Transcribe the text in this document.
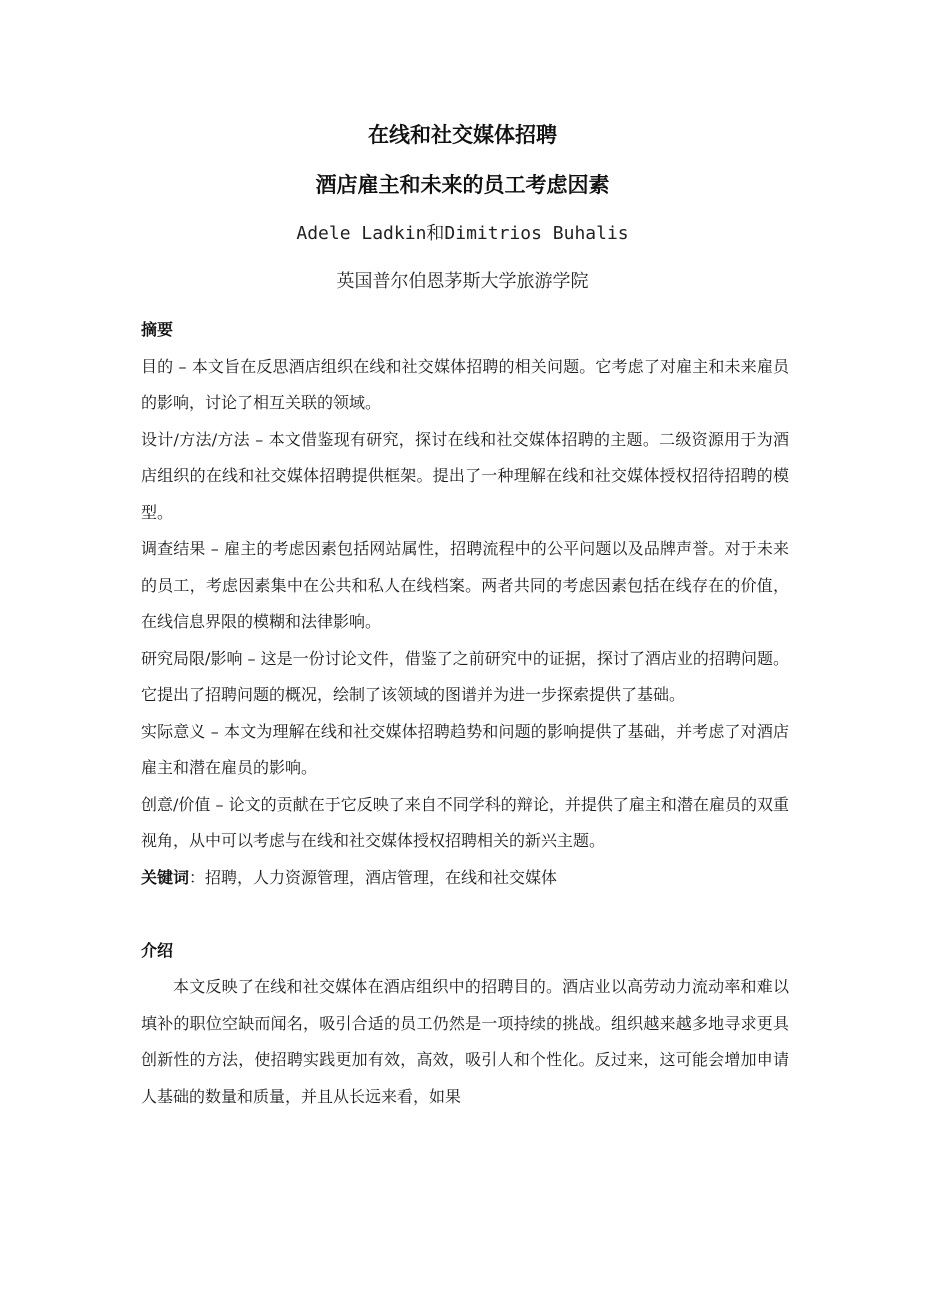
在线和社交媒体招聘
酒店雇主和未来的员工考虑因素
Adele Ladkin和Dimitrios Buhalis
英国普尔伯恩茅斯大学旅游学院
摘要

目的 – 本文旨在反思酒店组织在线和社交媒体招聘的相关问题。它考虑了对雇主和未来雇员的影响，讨论了相互关联的领域。

设计/方法/方法 – 本文借鉴现有研究，探讨在线和社交媒体招聘的主题。二级资源用于为酒店组织的在线和社交媒体招聘提供框架。提出了一种理解在线和社交媒体授权招待招聘的模型。

调查结果 – 雇主的考虑因素包括网站属性，招聘流程中的公平问题以及品牌声誉。对于未来的员工，考虑因素集中在公共和私人在线档案。两者共同的考虑因素包括在线存在的价值，在线信息界限的模糊和法律影响。

研究局限/影响 – 这是一份讨论文件，借鉴了之前研究中的证据，探讨了酒店业的招聘问题。它提出了招聘问题的概况，绘制了该领域的图谱并为进一步探索提供了基础。

实际意义 – 本文为理解在线和社交媒体招聘趋势和问题的影响提供了基础，并考虑了对酒店雇主和潜在雇员的影响。

创意/价值 – 论文的贡献在于它反映了来自不同学科的辩论，并提供了雇主和潜在雇员的双重视角，从中可以考虑与在线和社交媒体授权招聘相关的新兴主题。

关键词：招聘，人力资源管理，酒店管理，在线和社交媒体

介绍

本文反映了在线和社交媒体在酒店组织中的招聘目的。酒店业以高劳动力流动率和难以填补的职位空缺而闻名，吸引合适的员工仍然是一项持续的挑战。组织越来越多地寻求更具创新性的方法，使招聘实践更加有效，高效，吸引人和个性化。反过来，这可能会增加申请人基础的数量和质量，并且从长远来看，如果
